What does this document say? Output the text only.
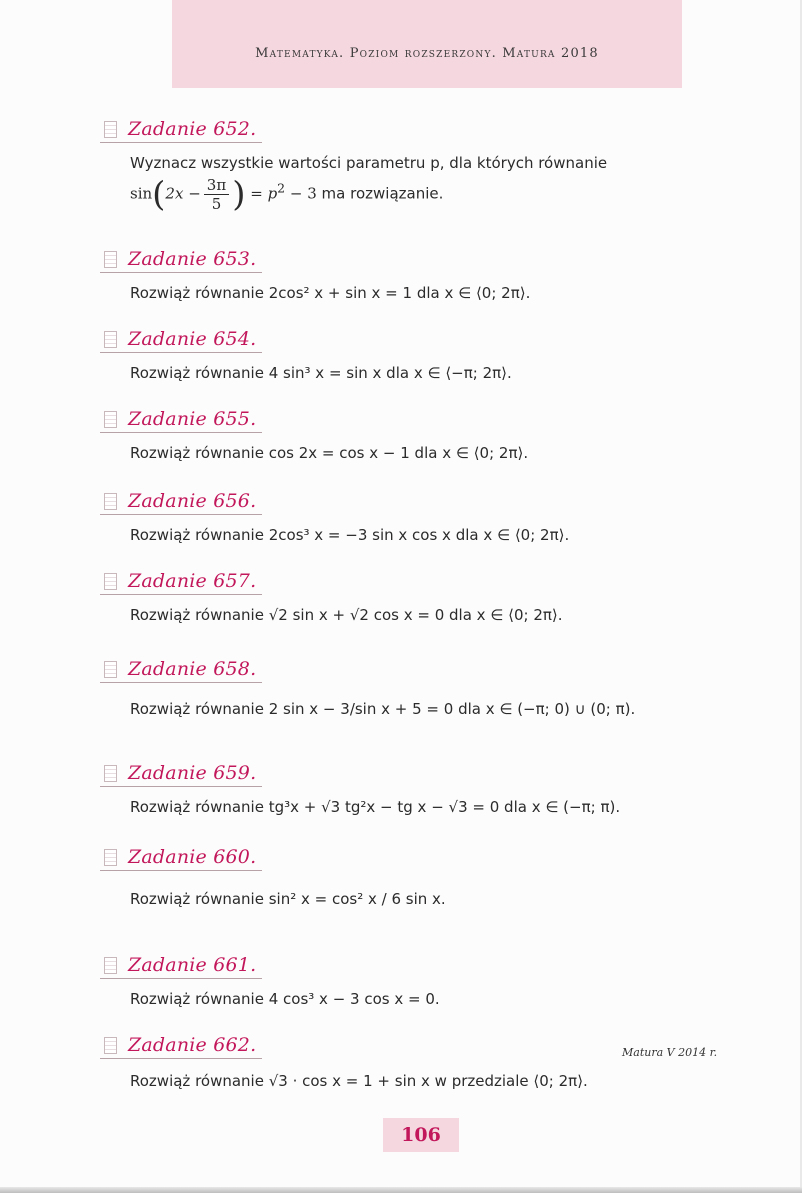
Matematyka. Poziom rozszerzony. Matura 2018
Zadanie 652.
Wyznacz wszystkie wartości parametru p, dla których równanie
$\sin(2x - \frac{3\pi}{5}$ ) = $p^2 - 3$ ma rozwiązanie.
Zadanie 653.
Rozwiąż równanie 2cos² x + sin x = 1 dla x ∈ ⟨0; 2π⟩.
Zadanie 654.
Rozwiąż równanie 4 sin³ x = sin x dla x ∈ ⟨−π; 2π⟩.
Zadanie 655.
Rozwiąż równanie cos 2x = cos x − 1 dla x ∈ ⟨0; 2π⟩.
Zadanie 656.
Rozwiąż równanie 2cos³ x = −3 sin x cos x dla x ∈ ⟨0; 2π⟩.
Zadanie 657.
Rozwiąż równanie √2 sin x + √2 cos x = 0 dla x ∈ ⟨0; 2π⟩.
Zadanie 658.
Rozwiąż równanie 2 sin x − 3/sin x + 5 = 0 dla x ∈ (−π; 0) ∪ (0; π).
Zadanie 659.
Rozwiąż równanie tg³x + √3 tg²x − tg x − √3 = 0 dla x ∈ (−π; π).
Zadanie 660.
Rozwiąż równanie sin² x = cos² x / 6 sin x.
Zadanie 661.
Rozwiąż równanie 4 cos³ x − 3 cos x = 0.
Zadanie 662.
Rozwiąż równanie √3 · cos x = 1 + sin x w przedziale ⟨0; 2π⟩.
Matura V 2014 r.
106
